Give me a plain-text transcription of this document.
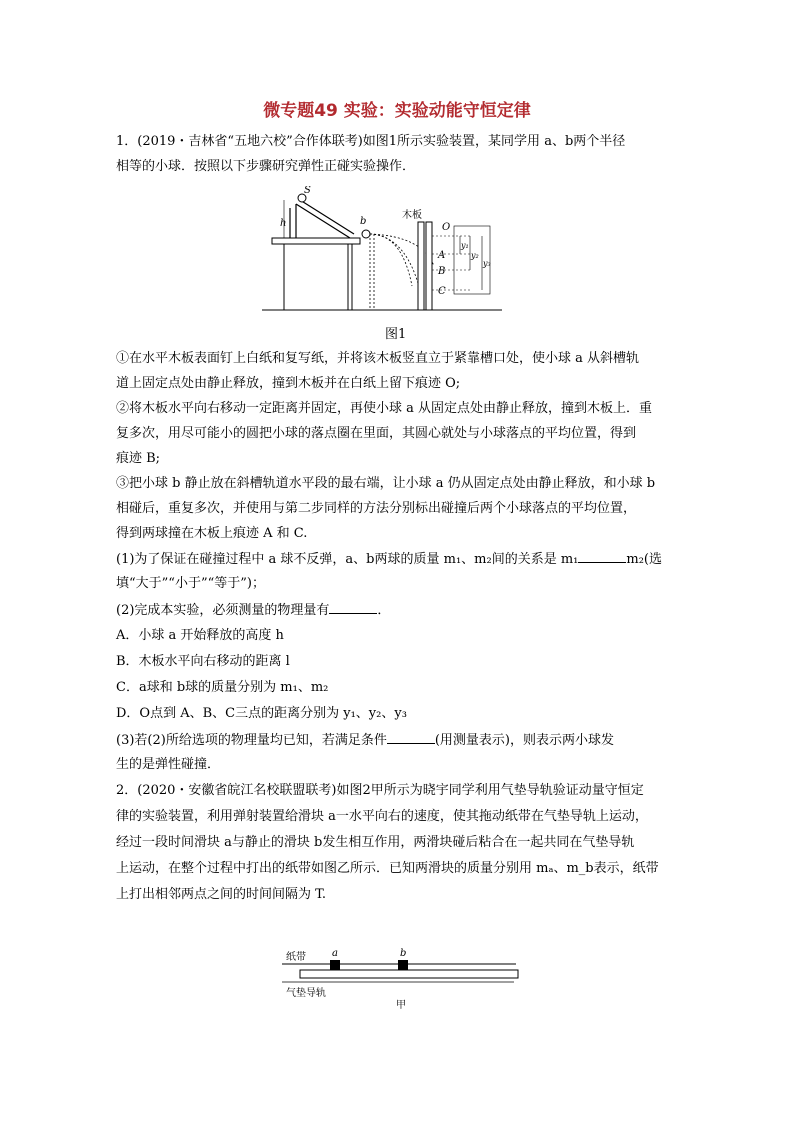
微专题49 实验：实验动能守恒定律
1．(2019・吉林省“五地六校”合作体联考)如图1所示实验装置，某同学用 a、b两个半径
相等的小球．按照以下步骤研究弹性正碰实验操作．
S
h	b
木板
O
A
B
C
y₁
y₂
y₃
图1
①在水平木板表面钉上白纸和复写纸，并将该木板竖直立于紧靠槽口处，使小球 a 从斜槽轨
道上固定点处由静止释放，撞到木板并在白纸上留下痕迹 O;
②将木板水平向右移动一定距离并固定，再使小球 a 从固定点处由静止释放，撞到木板上．重
复多次，用尽可能小的圆把小球的落点圈在里面，其圆心就处与小球落点的平均位置，得到
痕迹 B;
③把小球 b 静止放在斜槽轨道水平段的最右端，让小球 a 仍从固定点处由静止释放，和小球 b
相碰后，重复多次，并使用与第二步同样的方法分别标出碰撞后两个小球落点的平均位置，
得到两球撞在木板上痕迹 A 和 C.
(1)为了保证在碰撞过程中 a 球不反弹，a、b两球的质量 m₁、m₂间的关系是 m₁	m₂(选
填“大于”“小于”“等于”)；
(2)完成本实验，必须测量的物理量有	．
A．小球 a 开始释放的高度 h
B．木板水平向右移动的距离 l
C．a球和 b球的质量分别为 m₁、m₂
D．O点到 A、B、C三点的距离分别为 y₁、y₂、y₃
(3)若(2)所给选项的物理量均已知，若满足条件	(用测量表示)，则表示两小球发
生的是弹性碰撞．
2．(2020・安徽省皖江名校联盟联考)如图2甲所示为晓宇同学利用气垫导轨验证动量守恒定
律的实验装置，利用弹射装置给滑块 a一水平向右的速度，使其拖动纸带在气垫导轨上运动，
经过一段时间滑块 a与静止的滑块 b发生相互作用，两滑块碰后粘合在一起共同在气垫导轨
上运动，在整个过程中打出的纸带如图乙所示．已知两滑块的质量分别用 mₐ、m_b表示，纸带
上打出相邻两点之间的时间间隔为 T.
纸带	a	b
气垫导轨
甲
